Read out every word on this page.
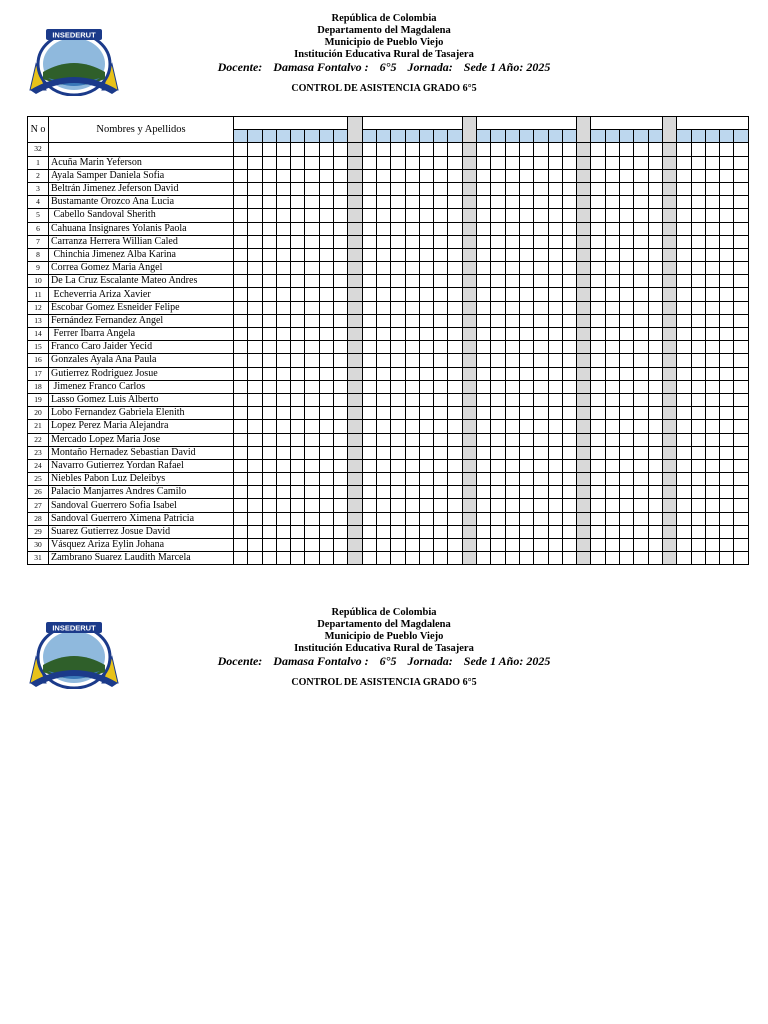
INSEDERUT
República de Colombia
Departamento del Magdalena
Municipio de Pueblo Viejo
Institución Educativa Rural de Tasajera
Docente: Damasa Fontalvo : 6°5 Jornada: Sede 1 Año: 2025
CONTROL DE ASISTENCIA GRADO 6°5
N o	Nombres y Apellidos																																				

32																																					
1	Acuña Marin Yeferson																																				
2	Ayala Samper Daniela Sofia																																				
3	Beltrán Jimenez Jeferson David																																				
4	Bustamante Orozco Ana Lucia																																				
5	Cabello Sandoval Sherith																																				
6	Cahuana Insignares Yolanis Paola																																				
7	Carranza Herrera Willian Caled																																				
8	Chinchia Jimenez Alba Karina																																				
9	Correa Gomez Maria Angel																																				
10	De La Cruz Escalante Mateo Andres																																				
11	Echeverria Ariza Xavier																																				
12	Escobar Gomez Esneider Felipe																																				
13	Fernández Fernandez Angel																																				
14	Ferrer Ibarra Angela																																				
15	Franco Caro Jaider Yecid																																				
16	Gonzales Ayala Ana Paula																																				
17	Gutierrez Rodriguez Josue																																				
18	Jimenez Franco Carlos																																				
19	Lasso Gomez Luis Alberto																																				
20	Lobo Fernandez Gabriela Elenith																																				
21	Lopez Perez Maria Alejandra																																				
22	Mercado Lopez Maria Jose																																				
23	Montaño Hernadez Sebastian David																																				
24	Navarro Gutierrez Yordan Rafael																																				
25	Niebles Pabon Luz Deleibys																																				
26	Palacio Manjarres Andres Camilo																																				
27	Sandoval Guerrero Sofia Isabel																																				
28	Sandoval Guerrero Ximena Patricia																																				
29	Suarez Gutierrez Josue David																																				
30	Vásquez Ariza Eylin Johana																																				
31	Zambrano Suarez Laudith Marcela																																				
INSEDERUT
República de Colombia
Departamento del Magdalena
Municipio de Pueblo Viejo
Institución Educativa Rural de Tasajera
Docente: Damasa Fontalvo : 6°5 Jornada: Sede 1 Año: 2025
CONTROL DE ASISTENCIA GRADO 6°5
